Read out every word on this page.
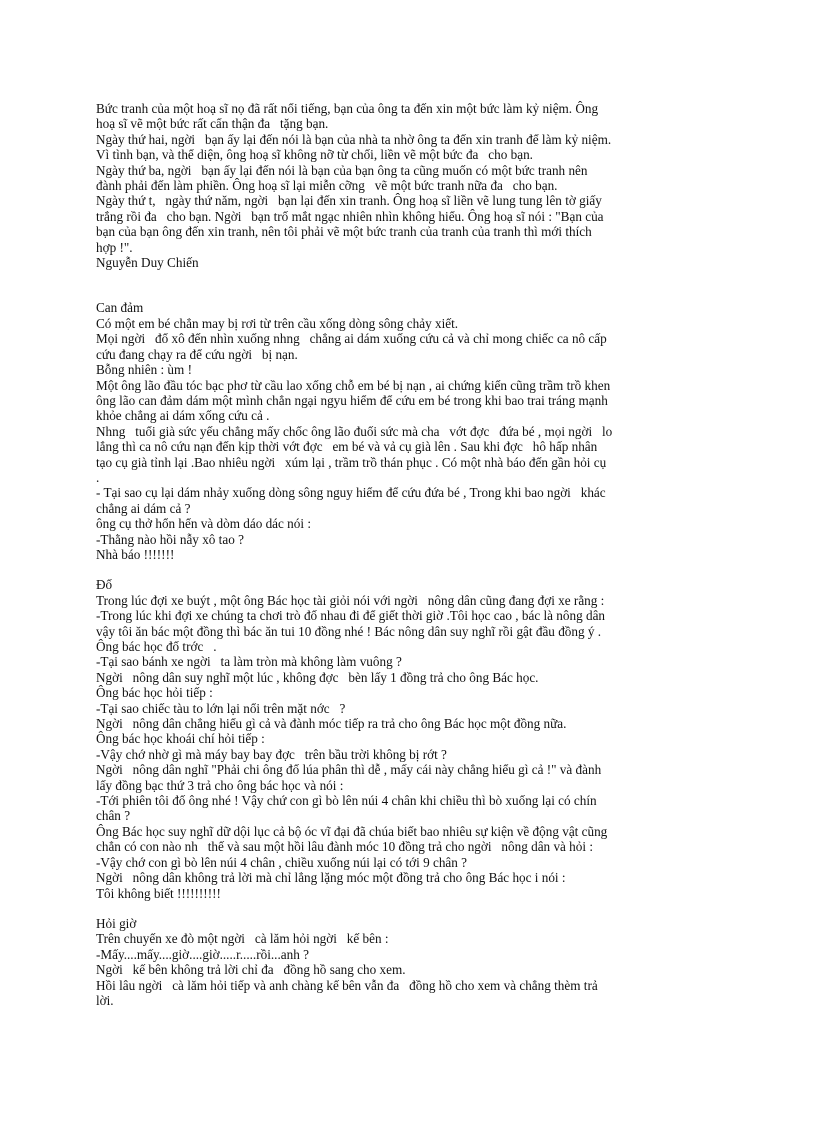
Bức tranh của một hoạ sĩ nọ đã rất nổi tiếng, bạn của ông ta đến xin một bức làm kỷ niệm. Ông
hoạ sĩ vẽ một bức rất cẩn thận đa   tặng bạn.
Ngày thứ hai, ngời   bạn ấy lại đến nói là bạn của nhà ta nhờ ông ta đến xin tranh để làm kỷ niệm.
Vì tình bạn, và thể diện, ông hoạ sĩ không nỡ từ chối, liền vẽ một bức đa   cho bạn.
Ngày thứ ba, ngời   bạn ấy lại đến nói là bạn của bạn ông ta cũng muốn có một bức tranh nên
đành phải đến làm phiền. Ông hoạ sĩ lại miễn cỡng   vẽ một bức tranh nữa đa   cho bạn.
Ngày thứ t,   ngày thứ năm, ngời   bạn lại đến xin tranh. Ông hoạ sĩ liền vẽ lung tung lên tờ giấy
trắng rồi đa   cho bạn. Ngời   bạn trố mắt ngạc nhiên nhìn không hiểu. Ông hoạ sĩ nói : "Bạn của
bạn của bạn ông đến xin tranh, nên tôi phải vẽ một bức tranh của tranh của tranh thì mới thích
hợp !".
Nguyễn Duy Chiến
Can đảm
Có một em bé chẳn may bị rơi từ trên cầu xống dòng sông chảy xiết.
Mọi ngời   đổ xô đến nhìn xuống nhng   chẳng ai dám xuống cứu cả và chỉ mong chiếc ca nô cấp
cứu đang chạy ra để cứu ngời   bị nạn.
Bỗng nhiên : ùm !
Một ông lão đầu tóc bạc phơ từ cầu lao xống chỗ em bé bị nạn , ai chứng kiến cũng trầm trồ khen
ông lão can đảm dám một mình chẳn ngại ngyu hiểm để cứu em bé trong khi bao trai tráng mạnh
khỏe chẳng ai dám xống cứu cả .
Nhng   tuổi già sức yếu chẳng mấy chốc ông lão đuối sức mà cha   vớt đợc   đứa bé , mọi ngời   lo
lắng thì ca nô cứu nạn đến kịp thời vớt đợc   em bé và vả cụ già lên . Sau khi đợc   hô hấp nhân
tạo cụ già tỉnh lại .Bao nhiêu ngời   xúm lại , trầm trồ thán phục . Có một nhà báo đến gần hỏi cụ
.
- Tại sao cụ lại dám nhảy xuống dòng sông nguy hiểm để cứu đứa bé , Trong khi bao ngời   khác
chẳng ai dám cả ?
ông cụ thở hổn hển và dòm dáo dác nói :
-Thằng nào hồi nẫy xô tao ?
Nhà báo !!!!!!!
Đố
Trong lúc đợi xe buýt , một ông Bác học tài giỏi nói với ngời   nông dân cũng đang đợi xe rằng :
-Trong lúc khi đợi xe chúng ta chơi trò đố nhau đi để giết thời giờ .Tôi học cao , bác là nông dân
vậy tôi ăn bác một đồng thì bác ăn tui 10 đồng nhé ! Bác nông dân suy nghĩ rồi gật đầu đồng ý .
Ông bác học đố trớc   .
-Tại sao bánh xe ngời   ta làm tròn mà không làm vuông ?
Ngời   nông dân suy nghĩ một lúc , không đợc   bèn lấy 1 đồng trả cho ông Bác học.
Ông bác học hỏi tiếp :
-Tại sao chiếc tàu to lớn lại nổi trên mặt nớc   ?
Ngời   nông dân chẳng hiểu gì cả và đành móc tiếp ra trả cho ông Bác học một đồng nữa.
Ông bác học khoái chí hỏi tiếp :
-Vậy chớ nhờ gì mà máy bay bay đợc   trên bầu trời không bị rớt ?
Ngời   nông dân nghĩ "Phải chi ông đố lúa phân thì dễ , mấy cái này chẳng hiểu gì cả !" và đành
lấy đồng bạc thứ 3 trả cho ông bác học và nói :
-Tới phiên tôi đố ông nhé ! Vậy chứ con gì bò lên núi 4 chân khi chiều thì bò xuống lại có chín
chân ?
Ông Bác học suy nghĩ dữ dội lục cả bộ óc vĩ đại đã chúa biết bao nhiêu sự kiện về động vật cũng
chẳn có con nào nh   thế và sau một hồi lâu đành móc 10 đồng trả cho ngời   nông dân và hỏi :
-Vậy chớ con gì bò lên núi 4 chân , chiều xuống núi lại có tới 9 chân ?
Ngời   nông dân không trả lời mà chỉ lẳng lặng móc một đồng trả cho ông Bác học i nói :
Tôi không biết !!!!!!!!!!
Hỏi giờ
Trên chuyến xe đò một ngời   cà lăm hỏi ngời   kế bên :
-Mấy....mấy....giờ....giờ.....r.....rồi...anh ?
Ngời   kế bên không trả lời chỉ đa   đồng hồ sang cho xem.
Hồi lâu ngời   cà lăm hỏi tiếp và anh chàng kế bên vẫn đa   đồng hồ cho xem và chẳng thèm trả
lời.
